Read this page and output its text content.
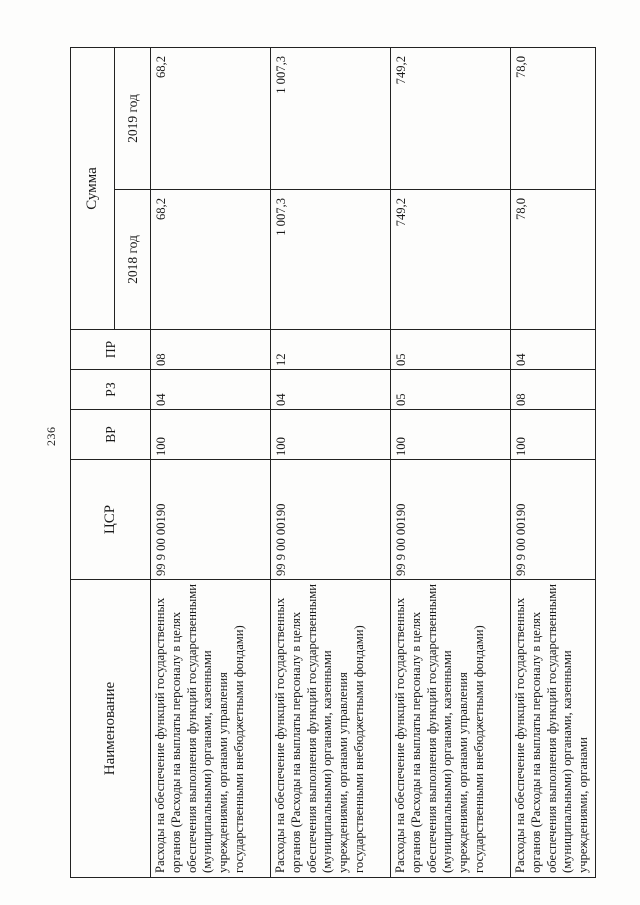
236
Наименование	ЦСР	ВР	РЗ	ПР	Сумма	
					2018 год	2019 год
Расходы на обеспечение функций государственных органов (Расходы на выплаты персоналу в целях обеспечения выполнения функций государственными (муниципальными) органами, казенными учреждениями, органами управления государственными внебюджетными фондами)	99 9 00 00190	100	04	08	68,2	68,2
Расходы на обеспечение функций государственных органов (Расходы на выплаты персоналу в целях обеспечения выполнения функций государственными (муниципальными) органами, казенными учреждениями, органами управления государственными внебюджетными фондами)	99 9 00 00190	100	04	12	1 007,3	1 007,3
Расходы на обеспечение функций государственных органов (Расходы на выплаты персоналу в целях обеспечения выполнения функций государственными (муниципальными) органами, казенными учреждениями, органами управления государственными внебюджетными фондами)	99 9 00 00190	100	05	05	749,2	749,2
Расходы на обеспечение функций государственных органов (Расходы на выплаты персоналу в целях обеспечения выполнения функций государственными (муниципальными) органами, казенными учреждениями, органами	99 9 00 00190	100	08	04	78,0	78,0
